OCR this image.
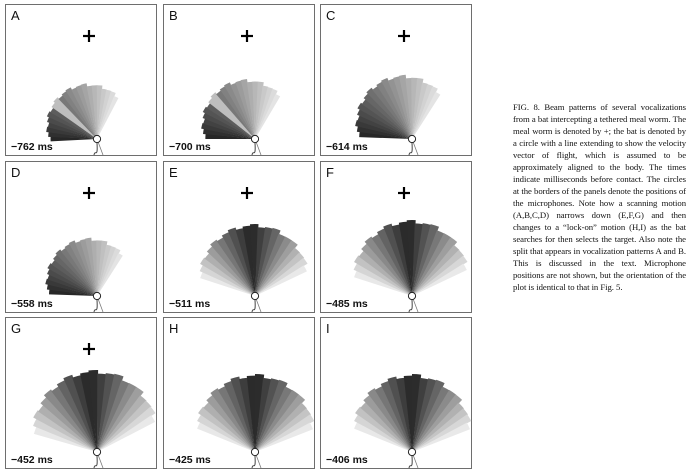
A
−762 ms
B
−700 ms
C
−614 ms
D
−558 ms
E
−511 ms
F
−485 ms
G
−452 ms
H
−425 ms
I
−406 ms
FIG. 8. Beam patterns of several vocalizations from a bat intercepting a tethered meal worm. The meal worm is denoted by +; the bat is denoted by a circle with a line extending to show the velocity vector of flight, which is assumed to be approximately aligned to the body. The times indicate milliseconds before contact. The circles at the borders of the panels denote the positions of the microphones. Note how a scanning motion (A,B,C,D) narrows down (E,F,G) and then changes to a “lock-on” motion (H,I) as the bat searches for then selects the target. Also note the split that appears in vocalization patterns A and B. This is discussed in the text. Microphone positions are not shown, but the orientation of the plot is identical to that in Fig. 5.
